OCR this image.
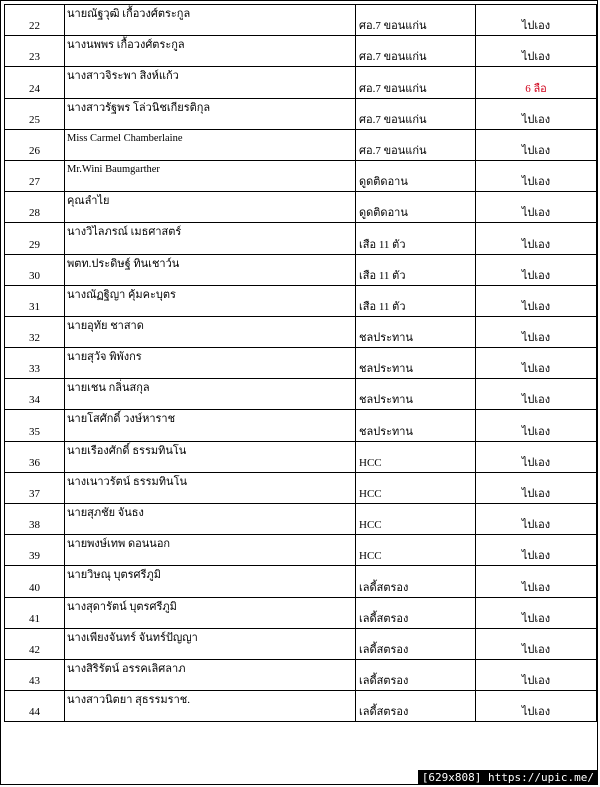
22	นายณัฐวุฒิ เกื้อวงศ์ตระกูล	ศอ.7 ขอนแก่น	ไปเอง
23	นางนพพร เกื้อวงศ์ตระกูล	ศอ.7 ขอนแก่น	ไปเอง
24	นางสาวจิระพา สิงห์แก้ว	ศอ.7 ขอนแก่น	6 ลือ
25	นางสาวรัฐพร โล่วนิชเกียรติกุล	ศอ.7 ขอนแก่น	ไปเอง
26	Miss Carmel Chamberlaine	ศอ.7 ขอนแก่น	ไปเอง
27	Mr.Wini Baumgarther	ดูดติดอาน	ไปเอง
28	คุณลำไย	ดูดติดอาน	ไปเอง
29	นางวิไลภรณ์ เมธศาสตร์	เสือ 11 ตัว	ไปเอง
30	พตท.ประดิษฐ์ ทินเชาว์น	เสือ 11 ตัว	ไปเอง
31	นางณัฏฐิญา คุ้มคะบุตร	เสือ 11 ตัว	ไปเอง
32	นายอุทัย ชาสาด	ชลประทาน	ไปเอง
33	นายสุวัจ พิพังกร	ชลประทาน	ไปเอง
34	นายเชน กลิ่นสกุล	ชลประทาน	ไปเอง
35	นายโสศักดิ์ วงษ์หาราช	ชลประทาน	ไปเอง
36	นายเรืองศักดิ์ ธรรมทินโน	HCC	ไปเอง
37	นางเนาวรัตน์ ธรรมทินโน	HCC	ไปเอง
38	นายสุภชัย จันธง	HCC	ไปเอง
39	นายพงษ์เทพ ดอนนอก	HCC	ไปเอง
40	นายวิษณุ บุตรศรีภูมิ	เลดี้สตรอง	ไปเอง
41	นางสุดารัตน์ บุตรศรีภูมิ	เลดี้สตรอง	ไปเอง
42	นางเพียงจันทร์ จันทร์ปัญญา	เลดี้สตรอง	ไปเอง
43	นางสิริรัตน์ อรรคเลิศลาภ	เลดี้สตรอง	ไปเอง
44	นางสาวนิตยา สุธรรมราช.	เลดี้สตรอง	ไปเอง
[629x808] https://upic.me/
